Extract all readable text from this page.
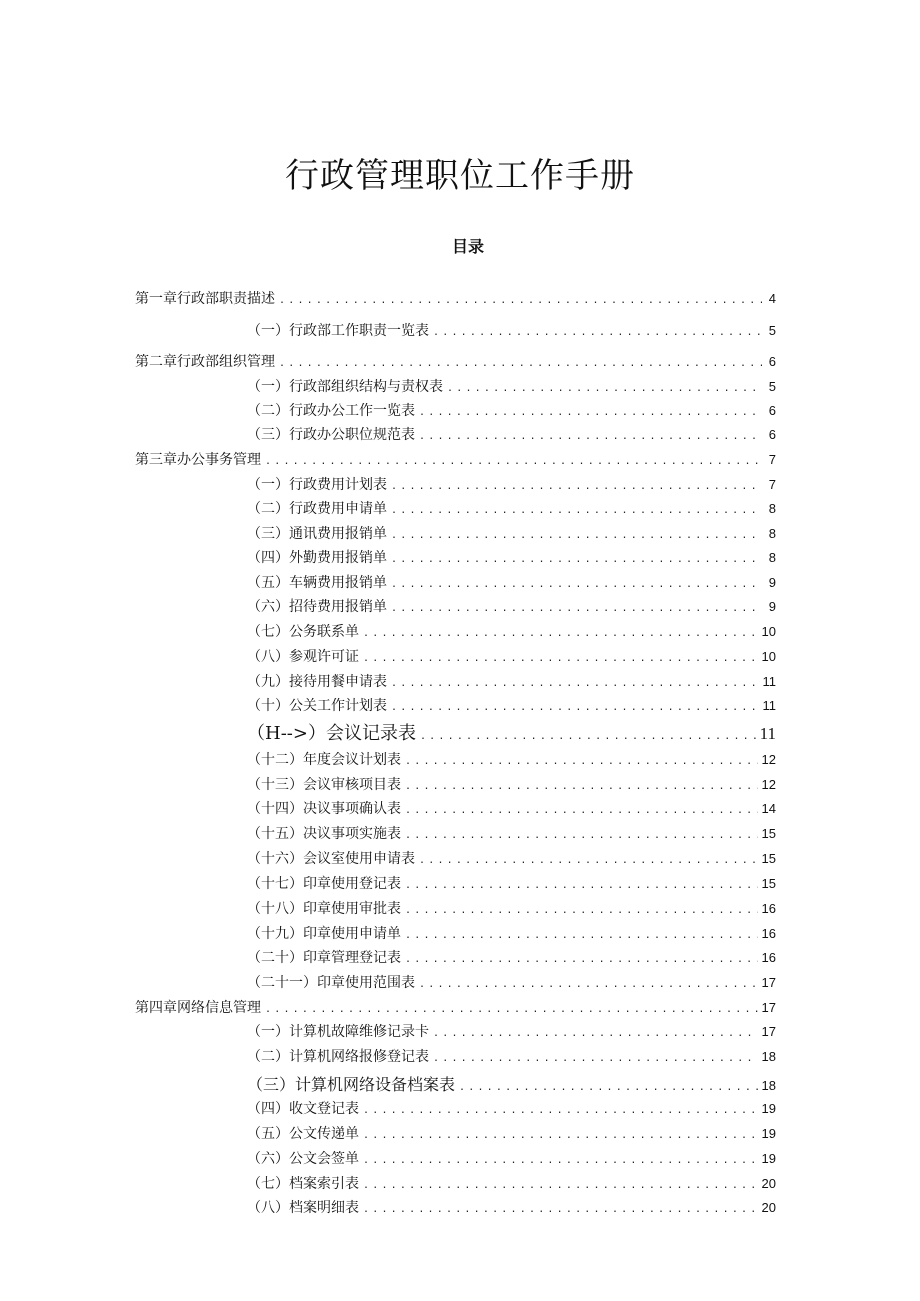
行政管理职位工作手册
目录
第一章行政部职责描述 .....	4
（一）行政部工作职责一览表 .....	5
第二章行政部组织管理 .....	6
（一）行政部组织结构与责权表 .....	5
（二）行政办公工作一览表 .....	6
（三）行政办公职位规范表 .....	6
第三章办公事务管理 .....	7
（一）行政费用计划表 .....	7
（二）行政费用申请单 .....	8
（三）通讯费用报销单 .....	8
（四）外勤费用报销单 .....	8
（五）车辆费用报销单 .....	9
（六）招待费用报销单 .....	9
（七）公务联系单 .....	10
（八）参观许可证 .....	10
（九）接待用餐申请表 .....	11
（十）公关工作计划表 .....	11
（H-->）会议记录表 .....	11
（十二）年度会议计划表 .....	12
（十三）会议审核项目表 .....	12
（十四）决议事项确认表 .....	14
（十五）决议事项实施表 .....	15
（十六）会议室使用申请表 .....	15
（十七）印章使用登记表 .....	15
（十八）印章使用审批表 .....	16
（十九）印章使用申请单 .....	16
（二十）印章管理登记表 .....	16
（二十一）印章使用范围表 .....	17
第四章网络信息管理 .....	17
（一）计算机故障维修记录卡 .....	17
（二）计算机网络报修登记表 .....	18
（三）计算机网络设备档案表 .....	18
（四）收文登记表 .....	19
（五）公文传递单 .....	19
（六）公文会签单 .....	19
（七）档案索引表 .....	20
（八）档案明细表 .....	20
